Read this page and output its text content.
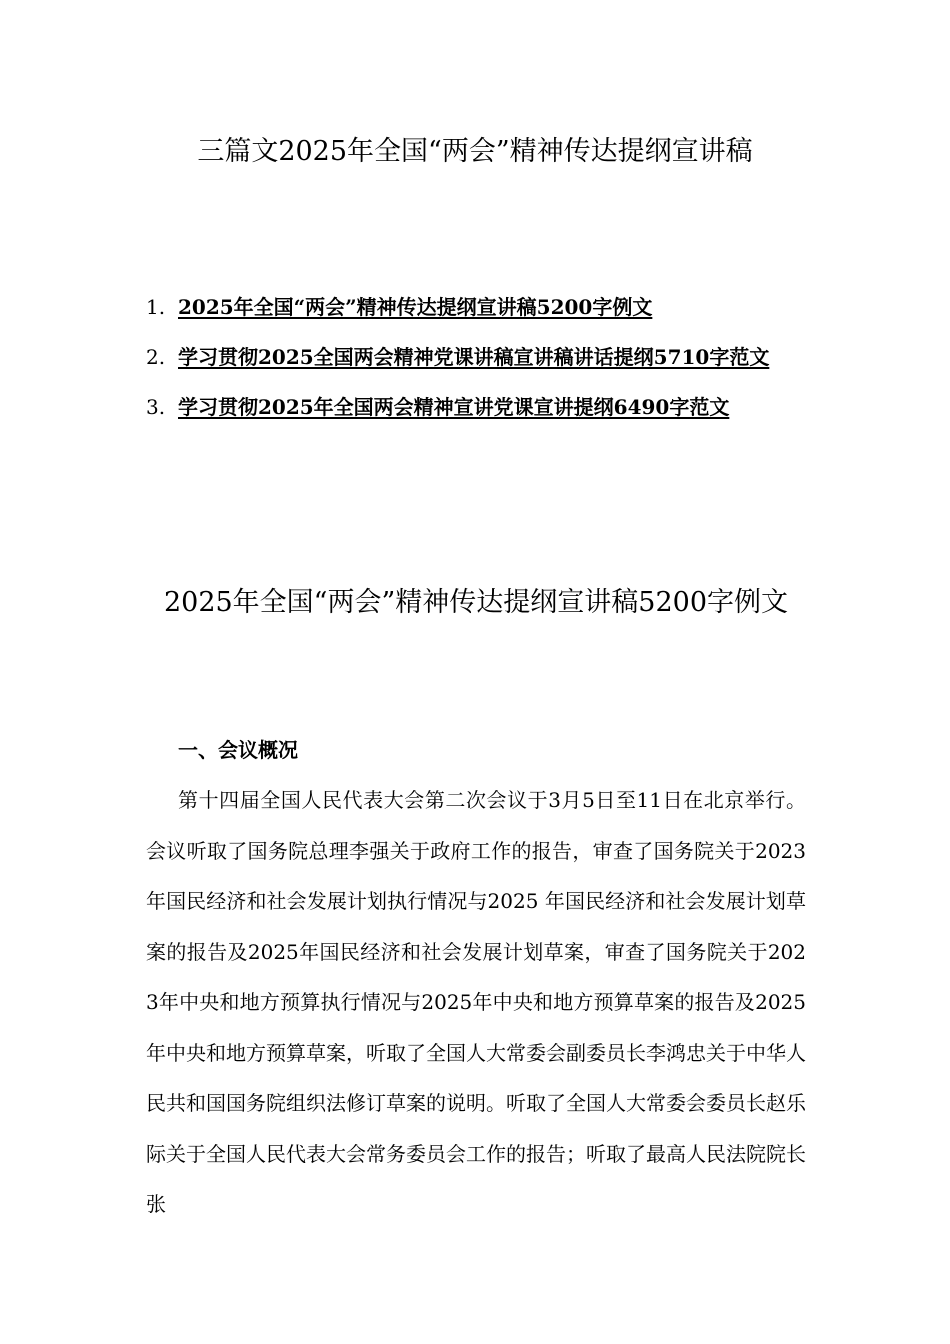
三篇文2025年全国“两会”精神传达提纲宣讲稿
1. 2025年全国“两会”精神传达提纲宣讲稿5200字例文
2. 学习贯彻2025全国两会精神党课讲稿宣讲稿讲话提纲5710字范文
3. 学习贯彻2025年全国两会精神宣讲党课宣讲提纲6490字范文
2025年全国“两会”精神传达提纲宣讲稿5200字例文
一、会议概况

第十四届全国人民代表大会第二次会议于3月5日至11日在北京举行。会议听取了国务院总理李强关于政府工作的报告，审查了国务院关于2023年国民经济和社会发展计划执行情况与2025 年国民经济和社会发展计划草案的报告及2025年国民经济和社会发展计划草案，审查了国务院关于2023年中央和地方预算执行情况与2025年中央和地方预算草案的报告及2025年中央和地方预算草案，听取了全国人大常委会副委员长李鸿忠关于中华人民共和国国务院组织法修订草案的说明。听取了全国人大常委会委员长赵乐际关于全国人民代表大会常务委员会工作的报告；听取了最高人民法院院长张
